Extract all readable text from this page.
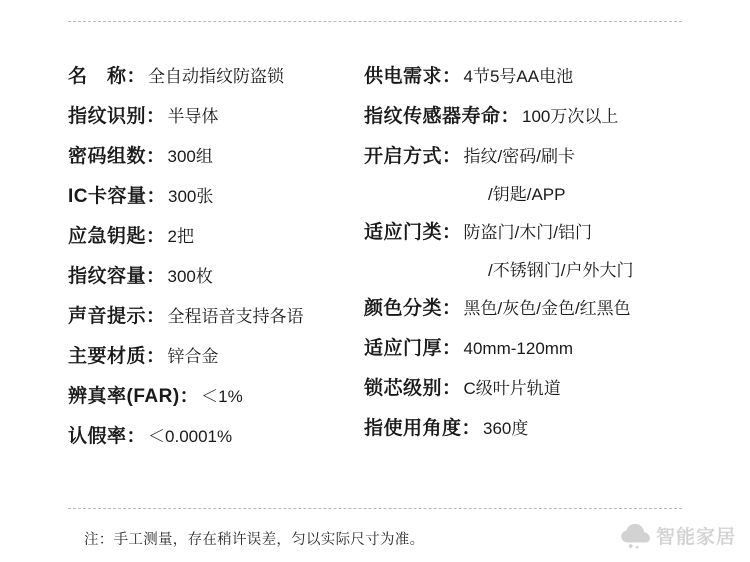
名　称： 全自动指纹防盗锁
指纹识别： 半导体
密码组数： 300组
IC卡容量： 300张
应急钥匙： 2把
指纹容量： 300枚
声音提示： 全程语音支持各语
主要材质： 锌合金
辨真率(FAR)： ＜1%
认假率： ＜0.0001%
供电需求： 4节5号AA电池
指纹传感器寿命： 100万次以上
开启方式： 指纹/密码/刷卡
/钥匙/APP
适应门类： 防盗门/木门/铝门
/不锈钢门/户外大门
颜色分类： 黑色/灰色/金色/红黑色
适应门厚： 40mm-120mm
锁芯级别： C级叶片轨道
指使用角度： 360度
注：手工测量，存在稍许误差，匀以实际尺寸为准。	智能家居
